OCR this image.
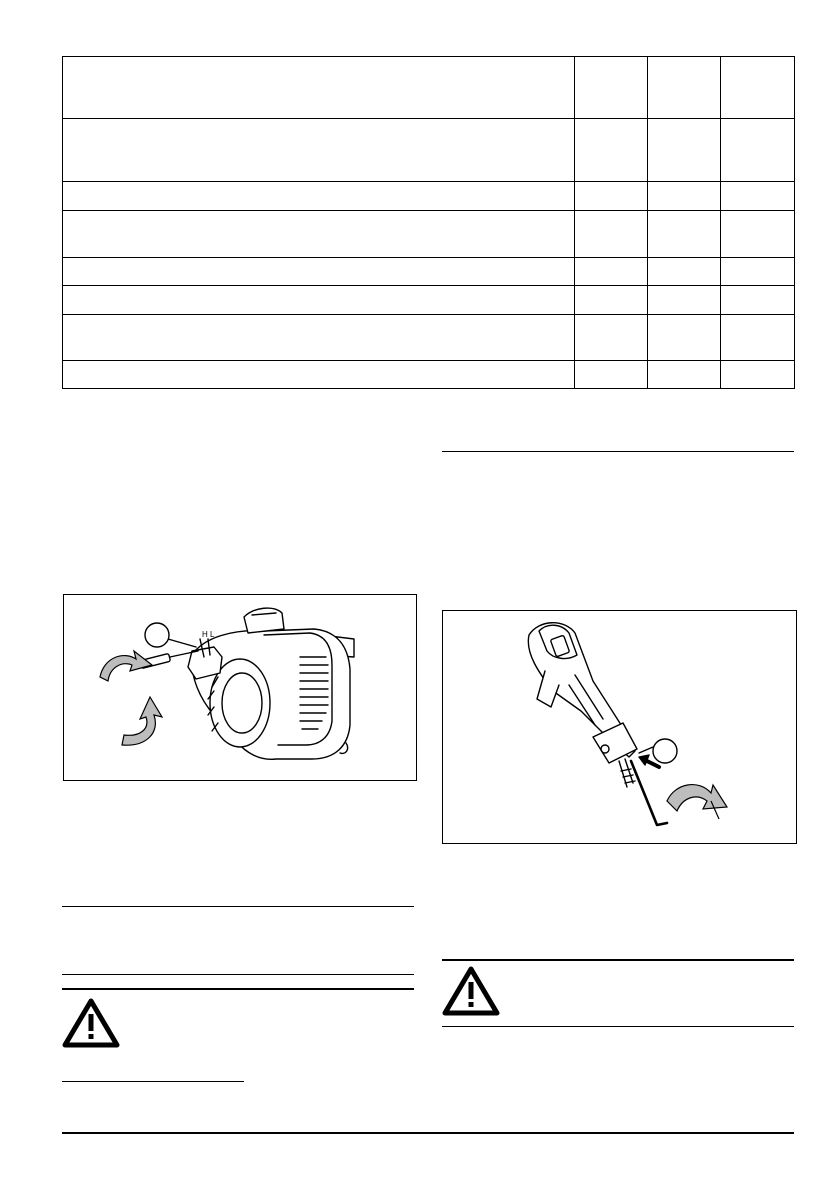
H L
